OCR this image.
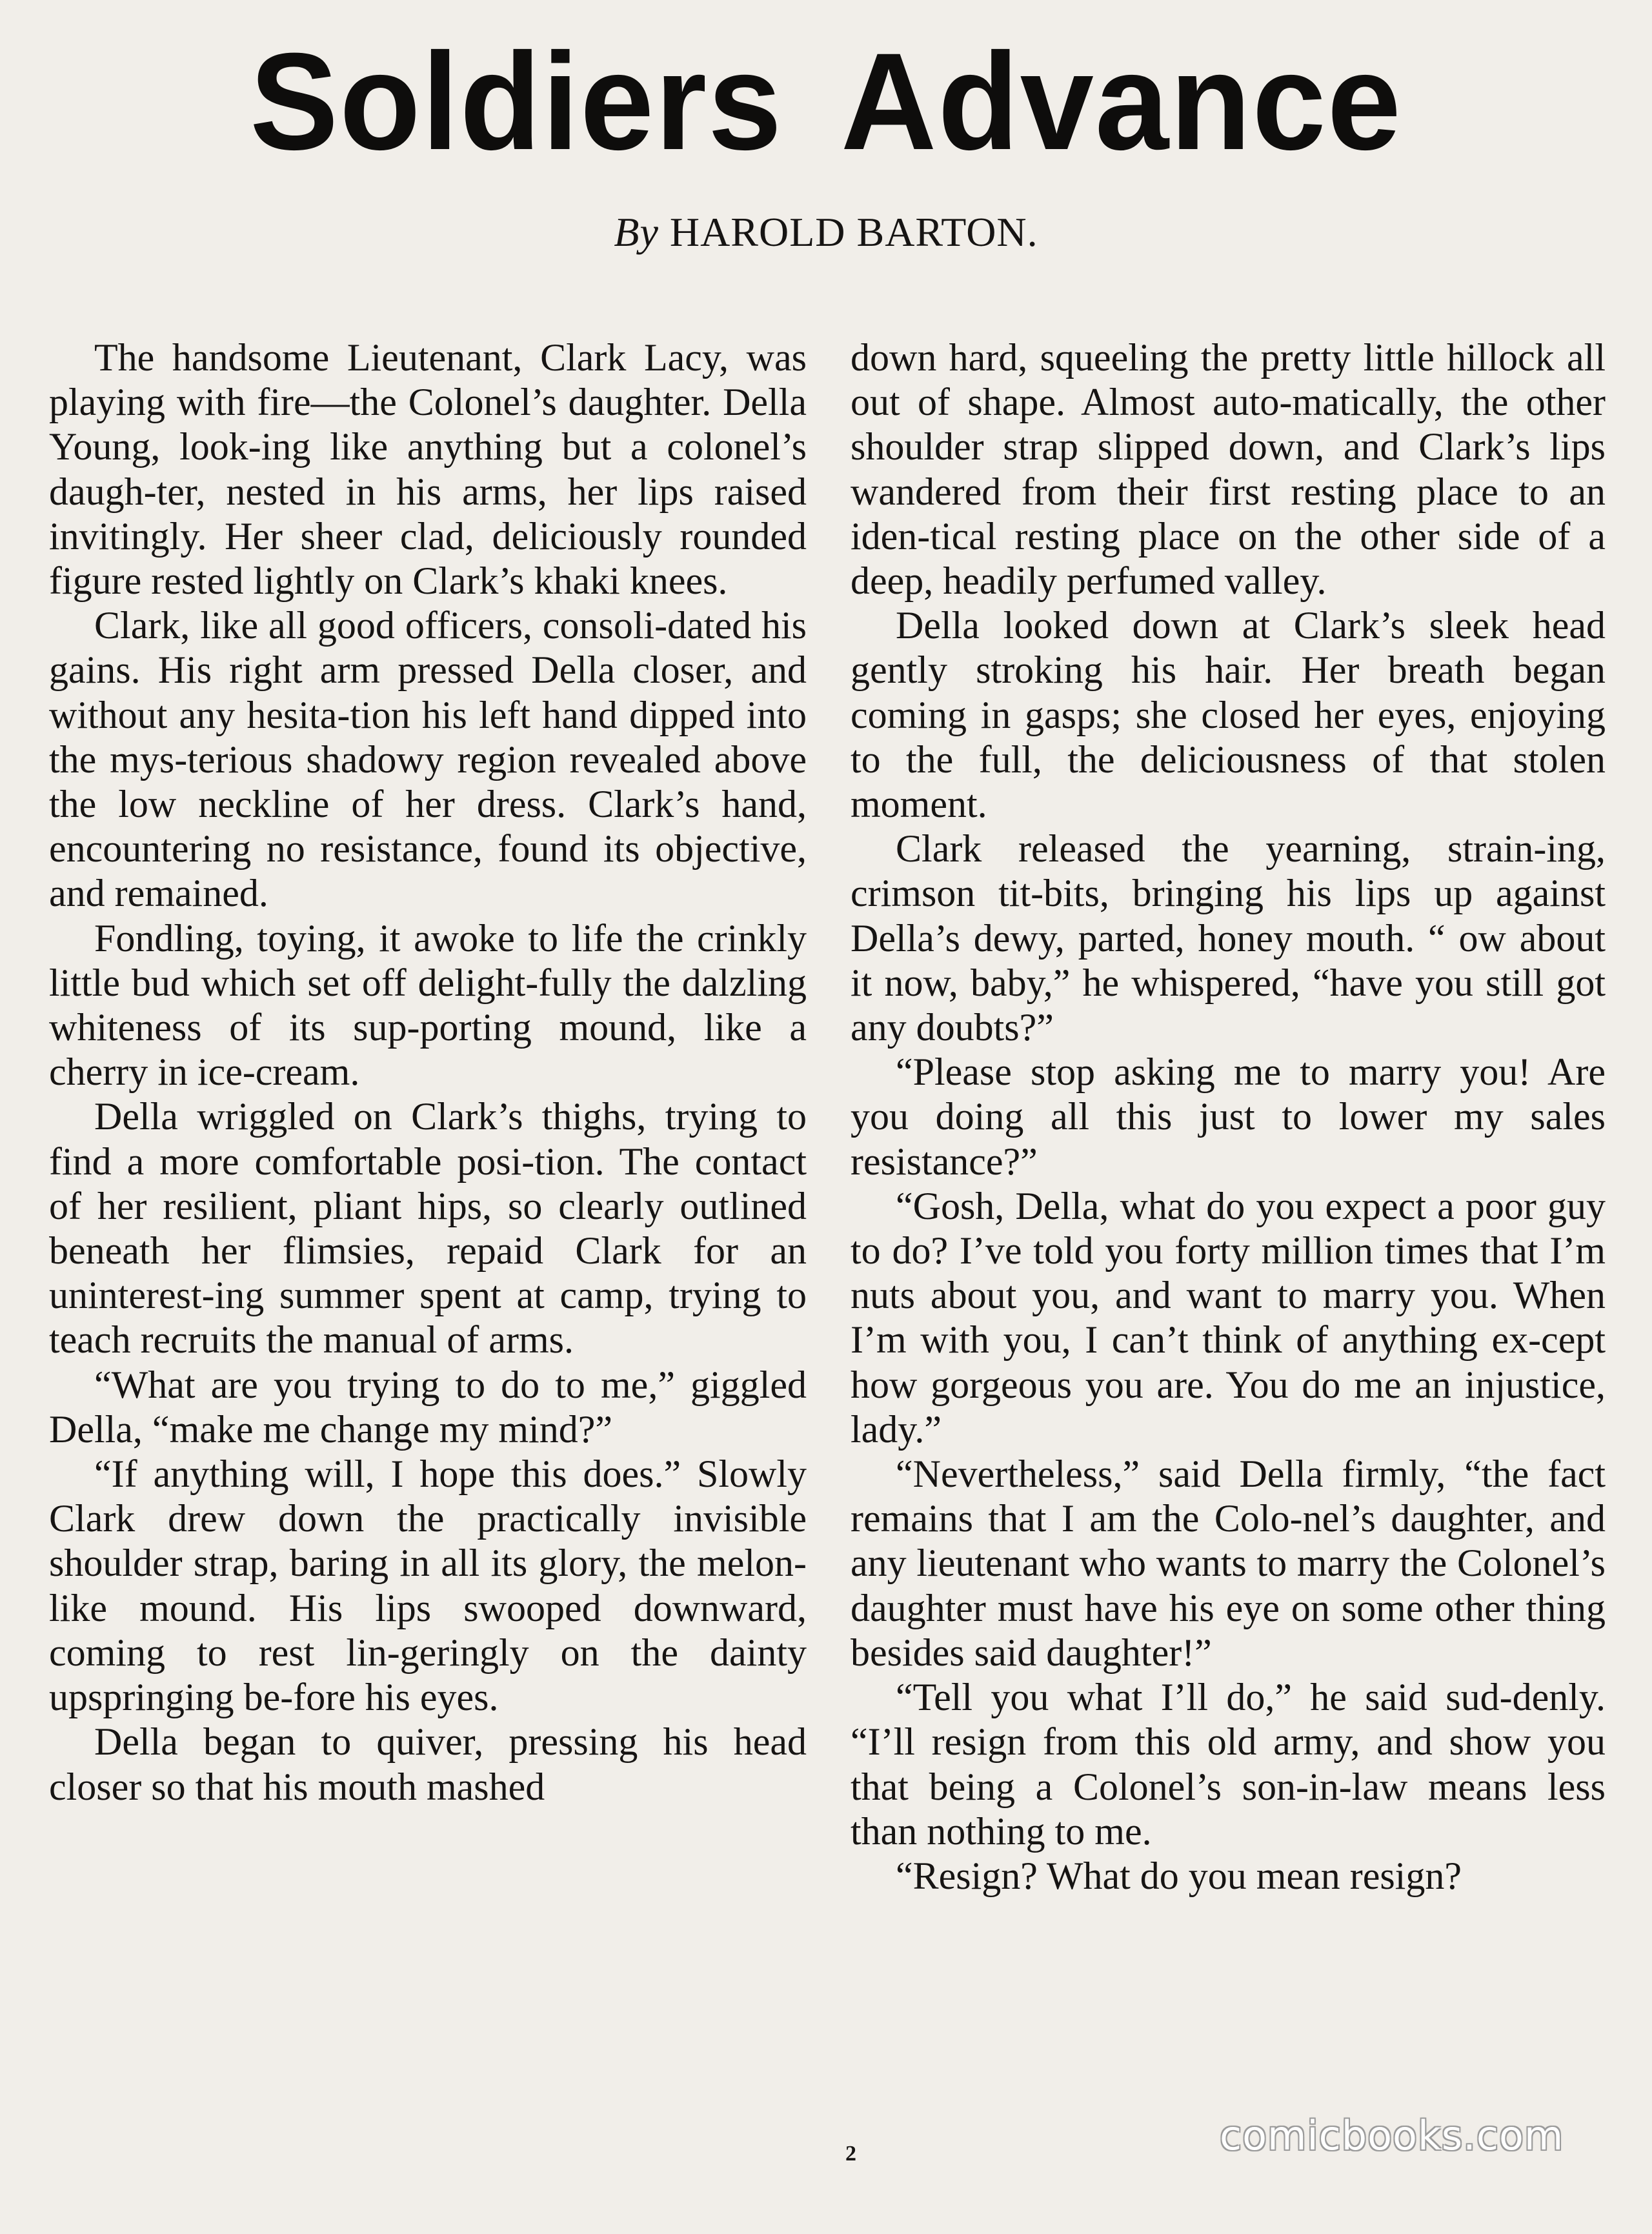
Soldiers Advance
By HAROLD BARTON.

The handsome Lieutenant, Clark Lacy, was playing with fire—the Colonel’s daughter. Della Young, look-ing like anything but a colonel’s daugh-ter, nested in his arms, her lips raised invitingly. Her sheer clad, deliciously rounded figure rested lightly on Clark’s khaki knees.

Clark, like all good officers, consoli-dated his gains. His right arm pressed Della closer, and without any hesita-tion his left hand dipped into the mys-terious shadowy region revealed above the low neckline of her dress. Clark’s hand, encountering no resistance, found its objective, and remained.

Fondling, toying, it awoke to life the crinkly little bud which set off delight-fully the dalzling whiteness of its sup-porting mound, like a cherry in ice-cream.

Della wriggled on Clark’s thighs, trying to find a more comfortable posi-tion. The contact of her resilient, pliant hips, so clearly outlined beneath her flimsies, repaid Clark for an uninterest-ing summer spent at camp, trying to teach recruits the manual of arms.

“What are you trying to do to me,” giggled Della, “make me change my mind?”

“If anything will, I hope this does.” Slowly Clark drew down the practically invisible shoulder strap, baring in all its glory, the melon-like mound. His lips swooped downward, coming to rest lin-geringly on the dainty upspringing be-fore his eyes.

Della began to quiver, pressing his head closer so that his mouth mashed

down hard, squeeling the pretty little hillock all out of shape. Almost auto-matically, the other shoulder strap slipped down, and Clark’s lips wandered from their first resting place to an iden-tical resting place on the other side of a deep, headily perfumed valley.

Della looked down at Clark’s sleek head gently stroking his hair. Her breath began coming in gasps; she closed her eyes, enjoying to the full, the deliciousness of that stolen moment.

Clark released the yearning, strain-ing, crimson tit-bits, bringing his lips up against Della’s dewy, parted, honey mouth. “ ow about it now, baby,” he whispered, “have you still got any doubts?”

“Please stop asking me to marry you! Are you doing all this just to lower my sales resistance?”

“Gosh, Della, what do you expect a poor guy to do? I’ve told you forty million times that I’m nuts about you, and want to marry you. When I’m with you, I can’t think of anything ex-cept how gorgeous you are. You do me an injustice, lady.”

“Nevertheless,” said Della firmly, “the fact remains that I am the Colo-nel’s daughter, and any lieutenant who wants to marry the Colonel’s daughter must have his eye on some other thing besides said daughter!”

“Tell you what I’ll do,” he said sud-denly. “I’ll resign from this old army, and show you that being a Colonel’s son-in-law means less than nothing to me.

“Resign? What do you mean resign?

2	comicbooks.com
